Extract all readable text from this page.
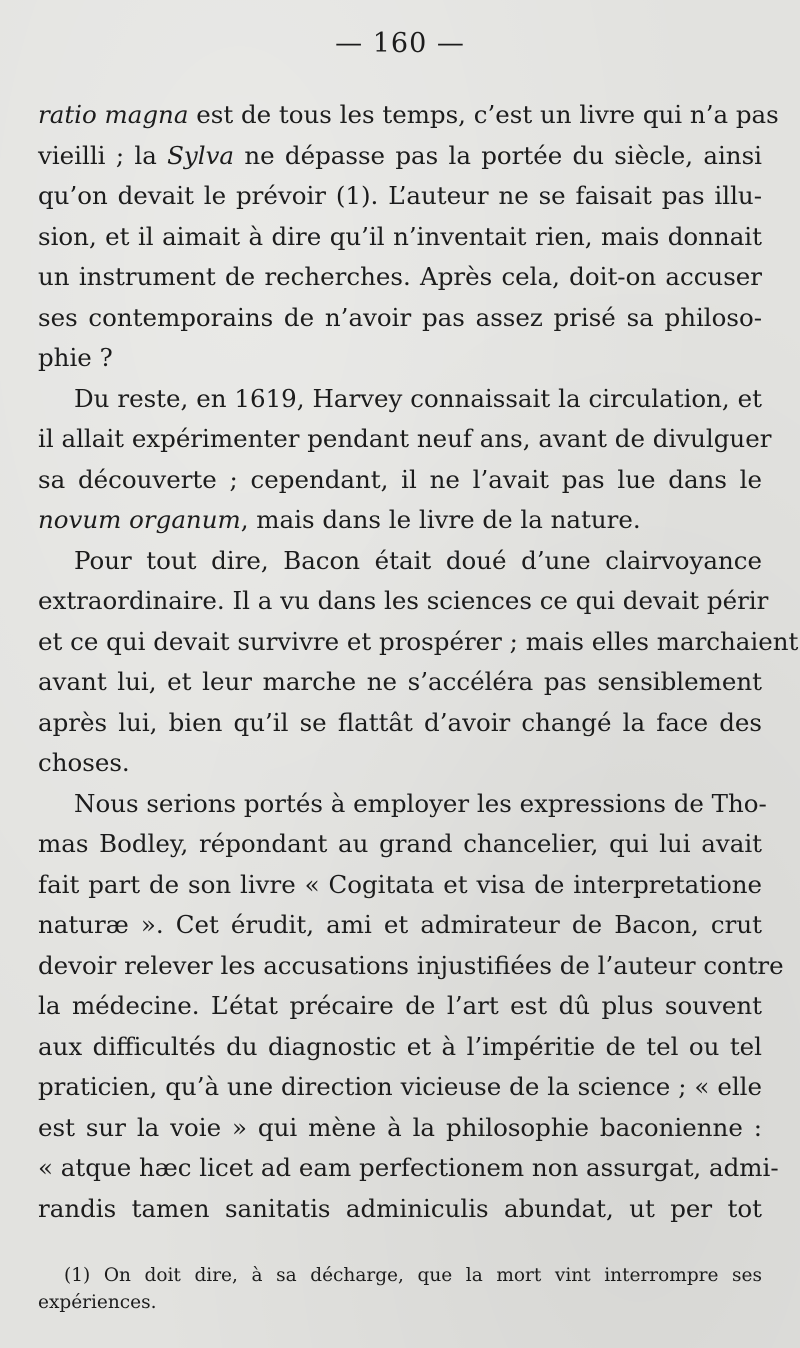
— 160 —
ratio magna est de tous les temps, c’est un livre qui n’a pas
vieilli ; la Sylva ne dépasse pas la portée du siècle, ainsi
qu’on devait le prévoir (1). L’auteur ne se faisait pas illu-
sion, et il aimait à dire qu’il n’inventait rien, mais donnait
un instrument de recherches. Après cela, doit-on accuser
ses contemporains de n’avoir pas assez prisé sa philoso-
phie ?
Du reste, en 1619, Harvey connaissait la circulation, et
il allait expérimenter pendant neuf ans, avant de divulguer
sa découverte ; cependant, il ne l’avait pas lue dans le
novum organum, mais dans le livre de la nature.
Pour tout dire, Bacon était doué d’une clairvoyance
extraordinaire. Il a vu dans les sciences ce qui devait périr
et ce qui devait survivre et prospérer ; mais elles marchaient
avant lui, et leur marche ne s’accéléra pas sensiblement
après lui, bien qu’il se flattât d’avoir changé la face des
choses.
Nous serions portés à employer les expressions de Tho-
mas Bodley, répondant au grand chancelier, qui lui avait
fait part de son livre « Cogitata et visa de interpretatione
naturæ ». Cet érudit, ami et admirateur de Bacon, crut
devoir relever les accusations injustifiées de l’auteur contre
la médecine. L’état précaire de l’art est dû plus souvent
aux difficultés du diagnostic et à l’impéritie de tel ou tel
praticien, qu’à une direction vicieuse de la science ; « elle
est sur la voie » qui mène à la philosophie baconienne :
« atque hæc licet ad eam perfectionem non assurgat, admi-
randis tamen sanitatis adminiculis abundat, ut per tot
(1) On doit dire, à sa décharge, que la mort vint interrompre ses
expériences.
